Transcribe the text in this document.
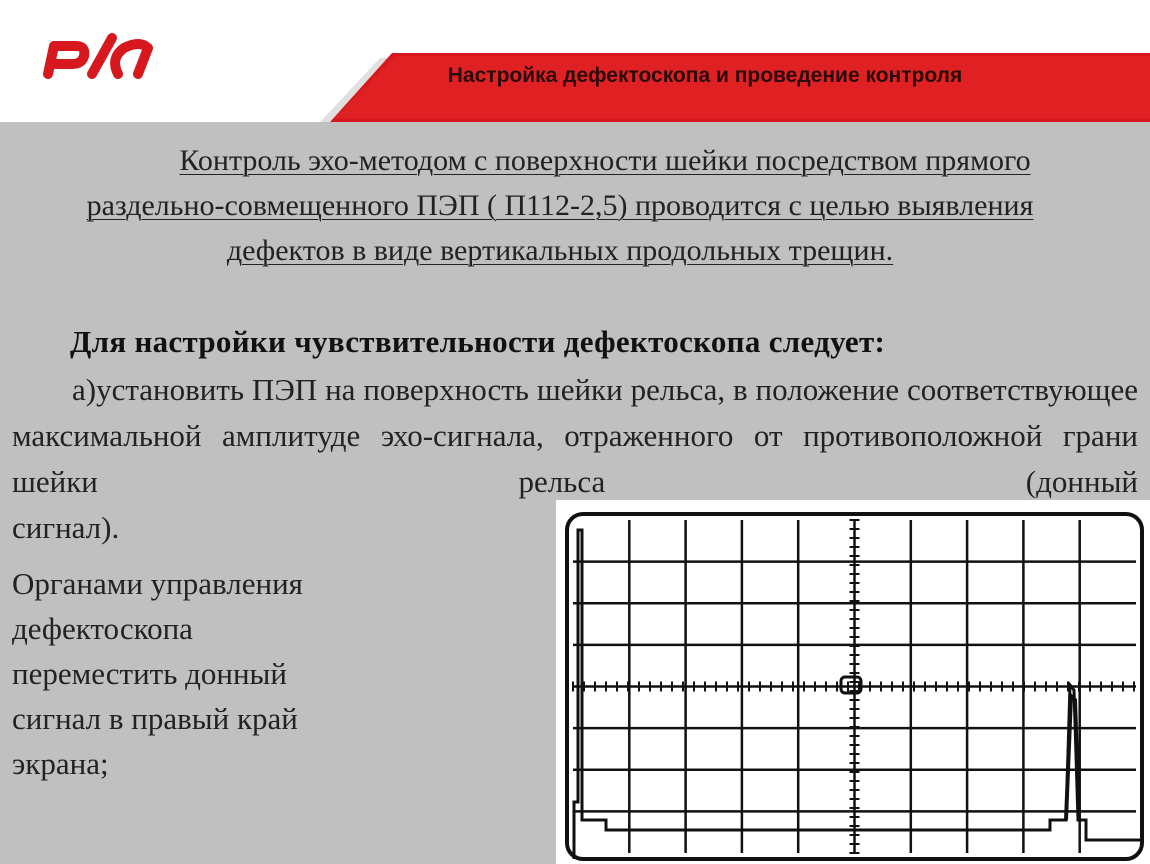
Настройка дефектоскопа и проведение контроля
Контроль эхо-методом с поверхности шейки посредством прямого раздельно-совмещенного ПЭП ( П112-2,5) проводится с целью выявления дефектов в виде вертикальных продольных трещин.
Для настройки чувствительности дефектоскопа следует:
а)установить ПЭП на поверхность шейки рельса, в положение соответствующее максимальной амплитуде эхо-сигнала, отраженного от противоположной грани шейки рельса (донный
сигнал).
Органами управления
дефектоскопа
переместить донный
сигнал в правый край
экрана;
